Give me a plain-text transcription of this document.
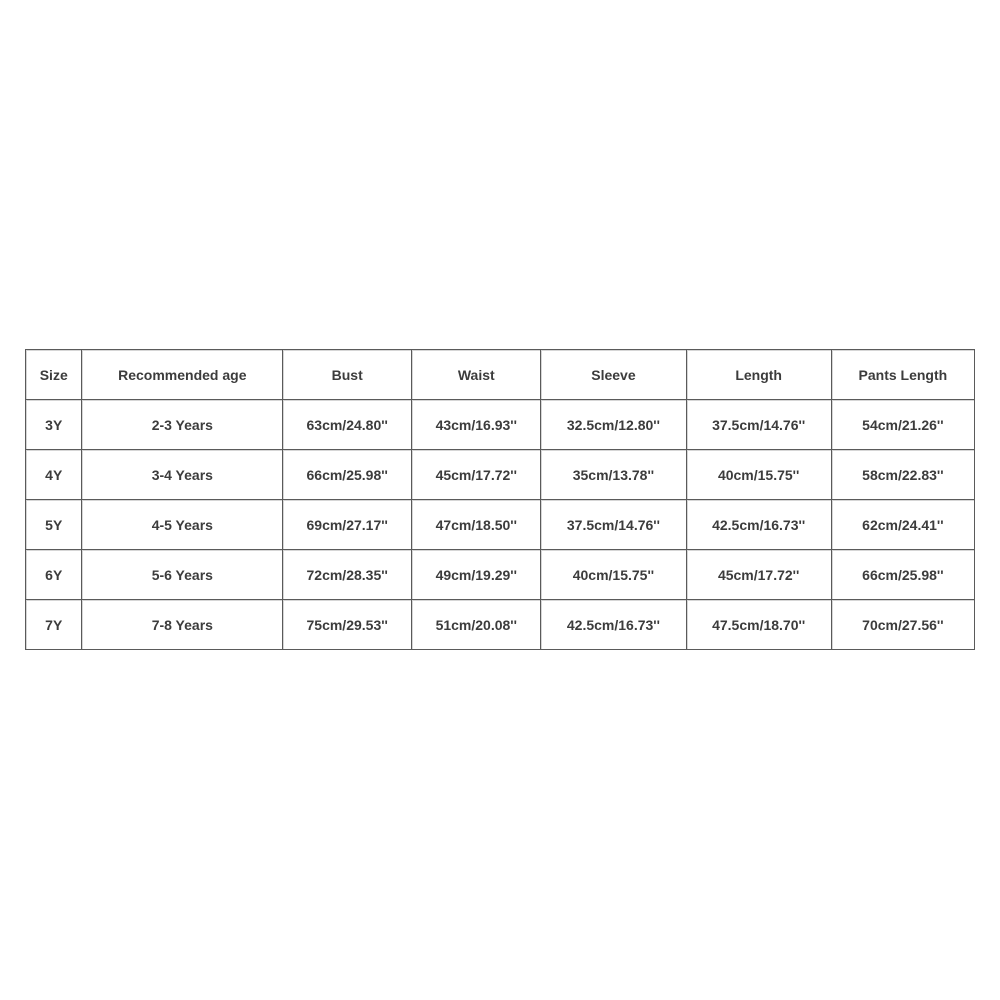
Size	Recommended age	Bust	Waist	Sleeve	Length	Pants Length
3Y	2-3 Years	63cm/24.80''	43cm/16.93''	32.5cm/12.80''	37.5cm/14.76''	54cm/21.26''
4Y	3-4 Years	66cm/25.98''	45cm/17.72''	35cm/13.78''	40cm/15.75''	58cm/22.83''
5Y	4-5 Years	69cm/27.17''	47cm/18.50''	37.5cm/14.76''	42.5cm/16.73''	62cm/24.41''
6Y	5-6 Years	72cm/28.35''	49cm/19.29''	40cm/15.75''	45cm/17.72''	66cm/25.98''
7Y	7-8 Years	75cm/29.53''	51cm/20.08''	42.5cm/16.73''	47.5cm/18.70''	70cm/27.56''
